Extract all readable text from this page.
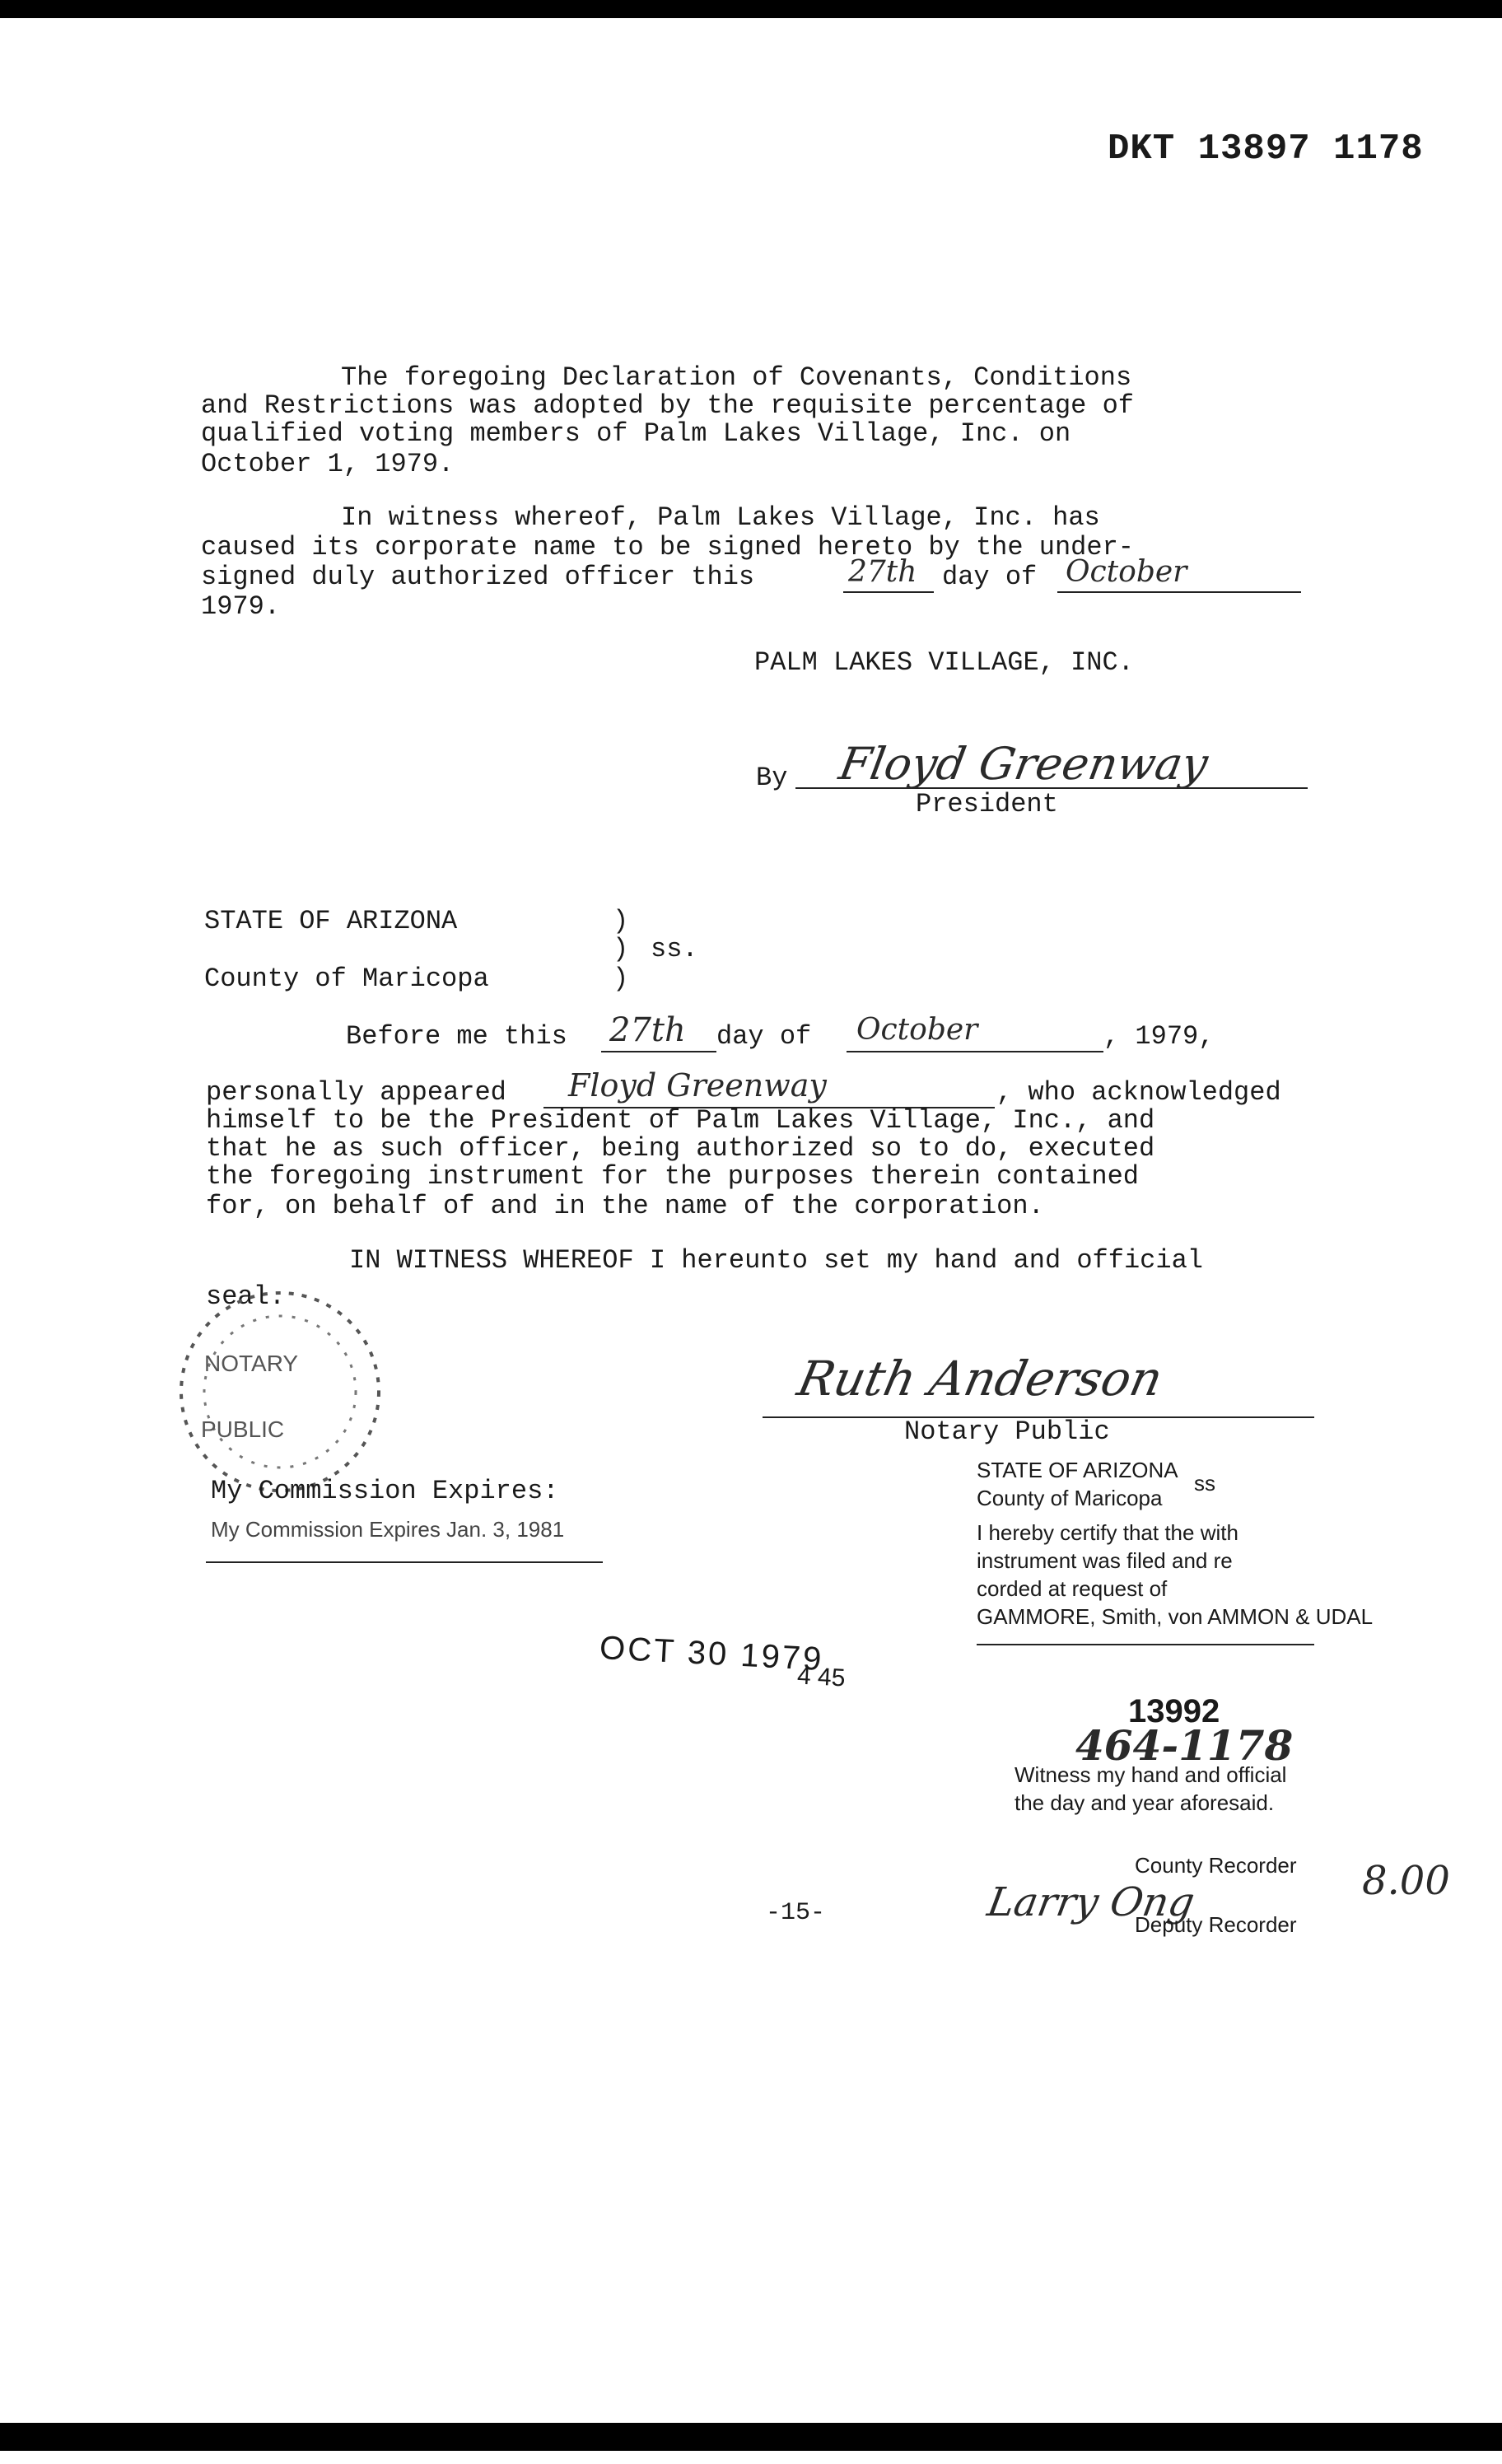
DKT 13897 1178
The foregoing Declaration of Covenants, Conditions
and Restrictions was adopted by the requisite percentage of
qualified voting members of Palm Lakes Village, Inc. on
October 1, 1979.
In witness whereof, Palm Lakes Village, Inc. has
caused its corporate name to be signed hereto by the under-
signed duly authorized officer this	27th day of October
1979.
PALM LAKES VILLAGE, INC.
By Floyd Greenway
President
STATE OF ARIZONA
County of Maricopa
)
) ss.
)
Before me this 27th day of October	, 1979,
personally appeared Floyd Greenway	, who acknowledged
himself to be the President of Palm Lakes Village, Inc., and
that he as such officer, being authorized so to do, executed
the foregoing instrument for the purposes therein contained
for, on behalf of and in the name of the corporation.
IN WITNESS WHEREOF I hereunto set my hand and official
seal.
NOTARY
PUBLIC
Ruth Anderson
Notary Public
My Commission Expires:
My Commission Expires Jan. 3, 1981
OCT 30 1979
4 45
STATE OF ARIZONA
County of Maricopa
ss
I hereby certify that the with
instrument was filed and re
corded at request of
GAMMORE, Smith, von AMMON & UDAL
13992
464-1178
Witness my hand and official
the day and year aforesaid.
County Recorder
Larry Ong
Deputy Recorder
8.00
-15-
